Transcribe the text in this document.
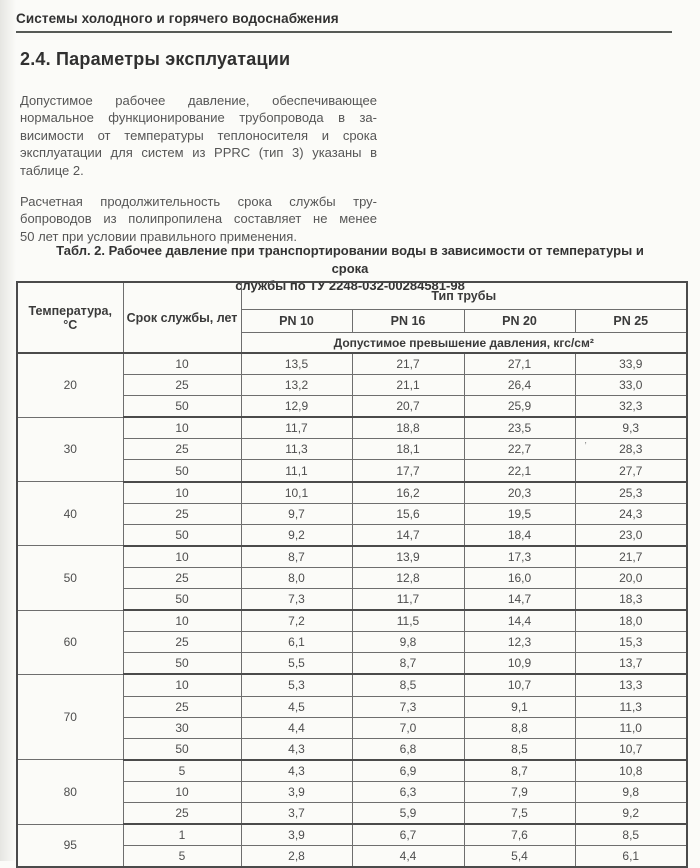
Системы холодного и горячего водоснабжения
2.4. Параметры эксплуатации

Допустимое рабочее давление, обеспечивающее
нормальное функционирование трубопровода в за-
висимости от температуры теплоносителя и срока
эксплуатации для систем из PPRC (тип 3) указаны в
таблице 2.

Расчетная продолжительность срока службы тру-
бопроводов из полипропилена составляет не менее
50 лет при условии правильного применения.

Табл. 2. Рабочее давление при транспортировании воды в зависимости от температуры и срока
службы по ТУ 2248-032-00284581-98
Температура, °С	Срок службы, лет	Тип трубы			
		PN 10	PN 16	PN 20	PN 25
		Допустимое превышение давления, кгс/см²			
20	10	13,5	21,7	27,1	33,9
	25	13,2	21,1	26,4	33,0
	50	12,9	20,7	25,9	32,3
30	10	11,7	18,8	23,5	9,3
	25	11,3	18,1	22,7	’ 28,3
	50	11,1	17,7	22,1	27,7
40	10	10,1	16,2	20,3	25,3
	25	9,7	15,6	19,5	24,3
	50	9,2	14,7	18,4	23,0
50	10	8,7	13,9	17,3	21,7
	25	8,0	12,8	16,0	20,0
	50	7,3	11,7	14,7	18,3
60	10	7,2	11,5	14,4	18,0
	25	6,1	9,8	12,3	15,3
	50	5,5	8,7	10,9	13,7
70	10	5,3	8,5	10,7	13,3
	25	4,5	7,3	9,1	11,3
	30	4,4	7,0	8,8	11,0
	50	4,3	6,8	8,5	10,7
80	5	4,3	6,9	8,7	10,8
	10	3,9	6,3	7,9	9,8
	25	3,7	5,9	7,5	9,2
95	1	3,9	6,7	7,6	8,5
	5	2,8	4,4	5,4	6,1
